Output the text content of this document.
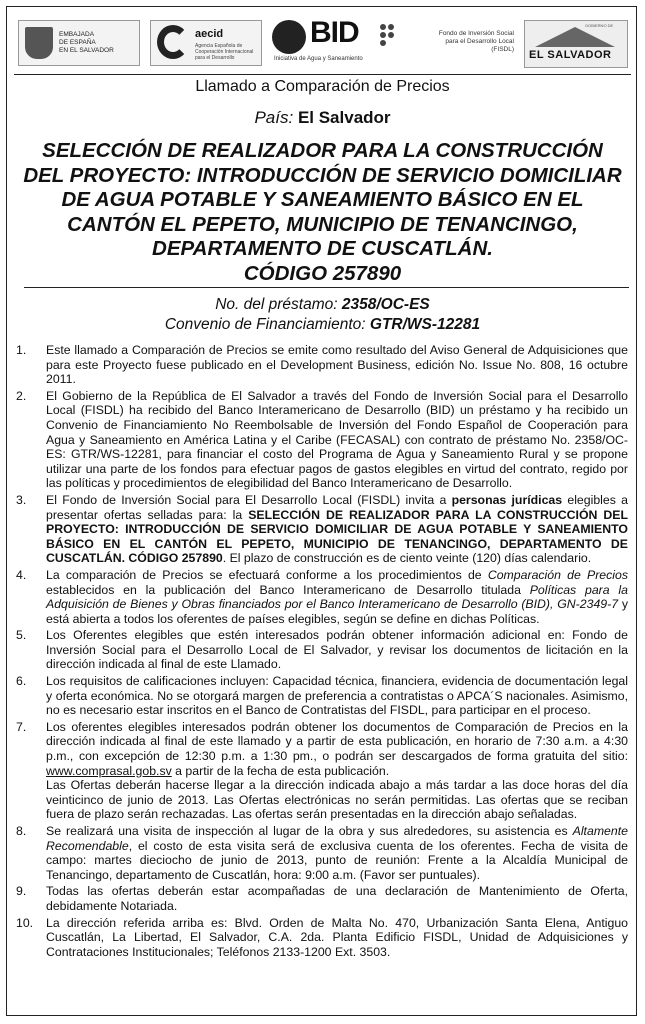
EMBAJADA
DE ESPAÑA
EN EL SALVADOR
aecid
Agencia Española de Cooperación Internacional para el Desarrollo
BID
Iniciativa de Agua y Saneamiento
Fondo de Inversión Social para el Desarrollo Local (FISDL)
GOBIERNO DE
EL SALVADOR
Llamado a Comparación de Precios
País: El Salvador
SELECCIÓN DE REALIZADOR PARA LA CONSTRUCCIÓN DEL PROYECTO: INTRODUCCIÓN DE SERVICIO DOMICILIAR DE AGUA POTABLE Y SANEAMIENTO BÁSICO EN EL CANTÓN EL PEPETO, MUNICIPIO DE TENANCINGO, DEPARTAMENTO DE CUSCATLÁN.
CÓDIGO 257890
No. del préstamo: 2358/OC-ES
Convenio de Financiamiento: GTR/WS-12281
1.	Este llamado a Comparación de Precios se emite como resultado del Aviso General de Adquisiciones que para este Proyecto fuese publicado en el Development Business, edición No. Issue No. 808, 16 octubre 2011.
2.	El Gobierno de la República de El Salvador a través del Fondo de Inversión Social para el Desarrollo Local (FISDL) ha recibido del Banco Interamericano de Desarrollo (BID) un préstamo y ha recibido un Convenio de Financiamiento No Reembolsable de Inversión del Fondo Español de Cooperación para Agua y Saneamiento en América Latina y el Caribe (FECASAL) con contrato de préstamo No. 2358/OC-ES: GTR/WS-12281, para financiar el costo del Programa de Agua y Saneamiento Rural y se propone utilizar una parte de los fondos para efectuar pagos de gastos elegibles en virtud del contrato, regido por las políticas y procedimientos de elegibilidad del Banco Interamericano de Desarrollo.
3.	El Fondo de Inversión Social para El Desarrollo Local (FISDL) invita a personas jurídicas elegibles a presentar ofertas selladas para: la SELECCIÓN DE REALIZADOR PARA LA CONSTRUCCIÓN DEL PROYECTO: INTRODUCCIÓN DE SERVICIO DOMICILIAR DE AGUA POTABLE Y SANEAMIENTO BÁSICO EN EL CANTÓN EL PEPETO, MUNICIPIO DE TENANCINGO, DEPARTAMENTO DE CUSCATLÁN. CÓDIGO 257890. El plazo de construcción es de ciento veinte (120) días calendario.
4.	La comparación de Precios se efectuará conforme a los procedimientos de Comparación de Precios establecidos en la publicación del Banco Interamericano de Desarrollo titulada Políticas para la Adquisición de Bienes y Obras financiados por el Banco Interamericano de Desarrollo (BID), GN-2349-7 y está abierta a todos los oferentes de países elegibles, según se define en dichas Políticas.
5.	Los Oferentes elegibles que estén interesados podrán obtener información adicional en: Fondo de Inversión Social para el Desarrollo Local de El Salvador, y revisar los documentos de licitación en la dirección indicada al final de este Llamado.
6.	Los requisitos de calificaciones incluyen: Capacidad técnica, financiera, evidencia de documentación legal y oferta económica. No se otorgará margen de preferencia a contratistas o APCA´S nacionales. Asimismo, no es necesario estar inscritos en el Banco de Contratistas del FISDL, para participar en el proceso.
7.	Los oferentes elegibles interesados podrán obtener los documentos de Comparación de Precios en la dirección indicada al final de este llamado y a partir de esta publicación, en horario de 7:30 a.m. a 4:30 p.m., con excepción de 12:30 p.m. a 1:30 pm., o podrán ser descargados de forma gratuita del sitio: www.comprasal.gob.sv a partir de la fecha de esta publicación.

Las Ofertas deberán hacerse llegar a la dirección indicada abajo a más tardar a las doce horas del día veinticinco de junio de 2013. Las Ofertas electrónicas no serán permitidas. Las ofertas que se reciban fuera de plazo serán rechazadas. Las ofertas serán presentadas en la dirección abajo señaladas.

8.	Se realizará una visita de inspección al lugar de la obra y sus alrededores, su asistencia es Altamente Recomendable, el costo de esta visita será de exclusiva cuenta de los oferentes. Fecha de visita de campo: martes dieciocho de junio de 2013, punto de reunión: Frente a la Alcaldía Municipal de Tenancingo, departamento de Cuscatlán, hora: 9:00 a.m. (Favor ser puntuales).
9.	Todas las ofertas deberán estar acompañadas de una declaración de Mantenimiento de Oferta, debidamente Notariada.
10.	La dirección referida arriba es: Blvd. Orden de Malta No. 470, Urbanización Santa Elena, Antiguo Cuscatlán, La Libertad, El Salvador, C.A. 2da. Planta Edificio FISDL, Unidad de Adquisiciones y Contrataciones Institucionales; Teléfonos 2133-1200 Ext. 3503.
